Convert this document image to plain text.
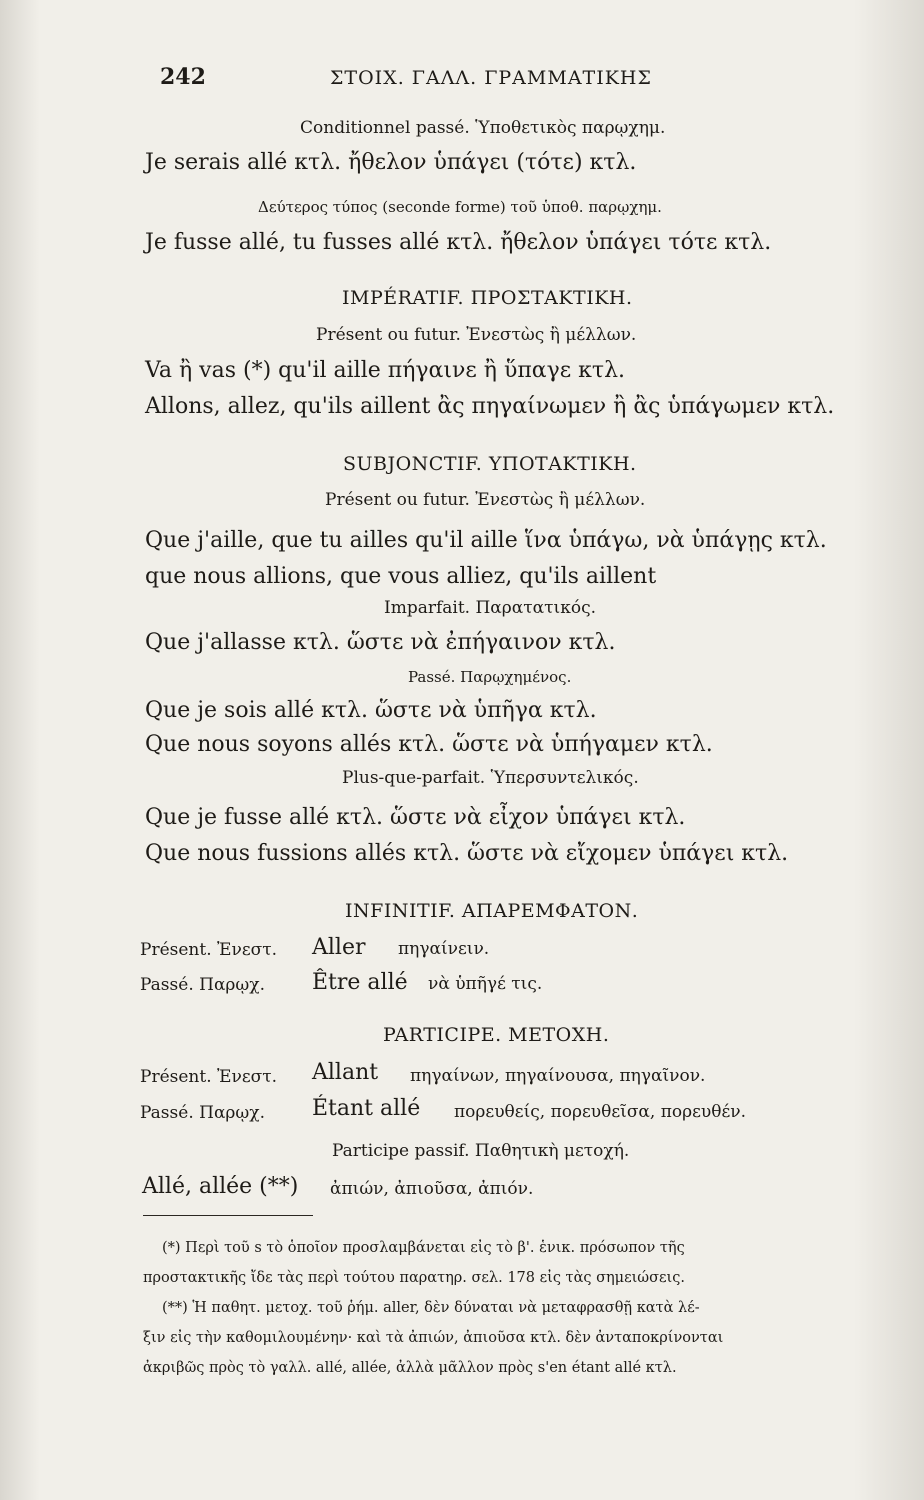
242	ΣΤΟΙΧ. ΓΑΛΛ. ΓΡΑΜΜΑΤΙΚΗΣ
Conditionnel passé. Ὑποθετικὸς παρῳχημ.
Je serais allé κτλ. ἤθελον ὑπάγει (τότε) κτλ.
Δεύτερος τύπος (seconde forme) τοῦ ὑποθ. παρῳχημ.
Je fusse allé, tu fusses allé κτλ. ἤθελον ὑπάγει τότε κτλ.
IMPÉRATIF. ΠΡΟΣΤΑΚΤΙΚΗ.
Présent ou futur. Ἐνεστὼς ἢ μέλλων.
Va ἢ vas (*) qu'il aille πήγαινε ἢ ὕπαγε κτλ.
Allons, allez, qu'ils aillent ἂς πηγαίνωμεν ἢ ἂς ὑπάγωμεν κτλ.
SUBJONCTIF. ΥΠΟΤΑΚΤΙΚΗ.
Présent ou futur. Ἐνεστὼς ἢ μέλλων.
Que j'aille, que tu ailles qu'il aille ἵνα ὑπάγω, νὰ ὑπάγῃς κτλ.
que nous allions, que vous alliez, qu'ils aillent
Imparfait. Παρατατικός.
Que j'allasse κτλ. ὥστε νὰ ἐπήγαινον κτλ.
Passé. Παρῳχημένος.
Que je sois allé κτλ. ὥστε νὰ ὑπῆγα κτλ.
Que nous soyons allés κτλ. ὥστε νὰ ὑπήγαμεν κτλ.
Plus-que-parfait. Ὑπερσυντελικός.
Que je fusse allé κτλ. ὥστε νὰ εἶχον ὑπάγει κτλ.
Que nous fussions allés κτλ. ὥστε νὰ εἴχομεν ὑπάγει κτλ.
INFINITIF. ΑΠΑΡΕΜΦΑΤΟΝ.
Présent. Ἐνεστ. Aller πηγαίνειν.
Passé. Παρῳχ. Être allé νὰ ὑπῆγέ τις.
PARTICIPE. ΜΕΤΟΧΗ.
Présent. Ἐνεστ. Allant πηγαίνων, πηγαίνουσα, πηγαῖνον.
Passé. Παρῳχ. Étant allé πορευθείς, πορευθεῖσα, πορευθέν.
Participe passif. Παθητικὴ μετοχή.
Allé, allée (**) ἀπιών, ἀπιοῦσα, ἀπιόν.
(*) Περὶ τοῦ s τὸ ὁποῖον προσλαμβάνεται εἰς τὸ β'. ἑνικ. πρόσωπον τῆς
προστακτικῆς ἴδε τὰς περὶ τούτου παρατηρ. σελ. 178 εἰς τὰς σημειώσεις.
(**) Ἡ παθητ. μετοχ. τοῦ ῥήμ. aller, δὲν δύναται νὰ μεταφρασθῇ κατὰ λέ-
ξιν εἰς τὴν καθομιλουμένην· καὶ τὰ ἀπιών, ἀπιοῦσα κτλ. δὲν ἀνταποκρίνονται
ἀκριβῶς πρὸς τὸ γαλλ. allé, allée, ἀλλὰ μᾶλλον πρὸς s'en étant allé κτλ.
